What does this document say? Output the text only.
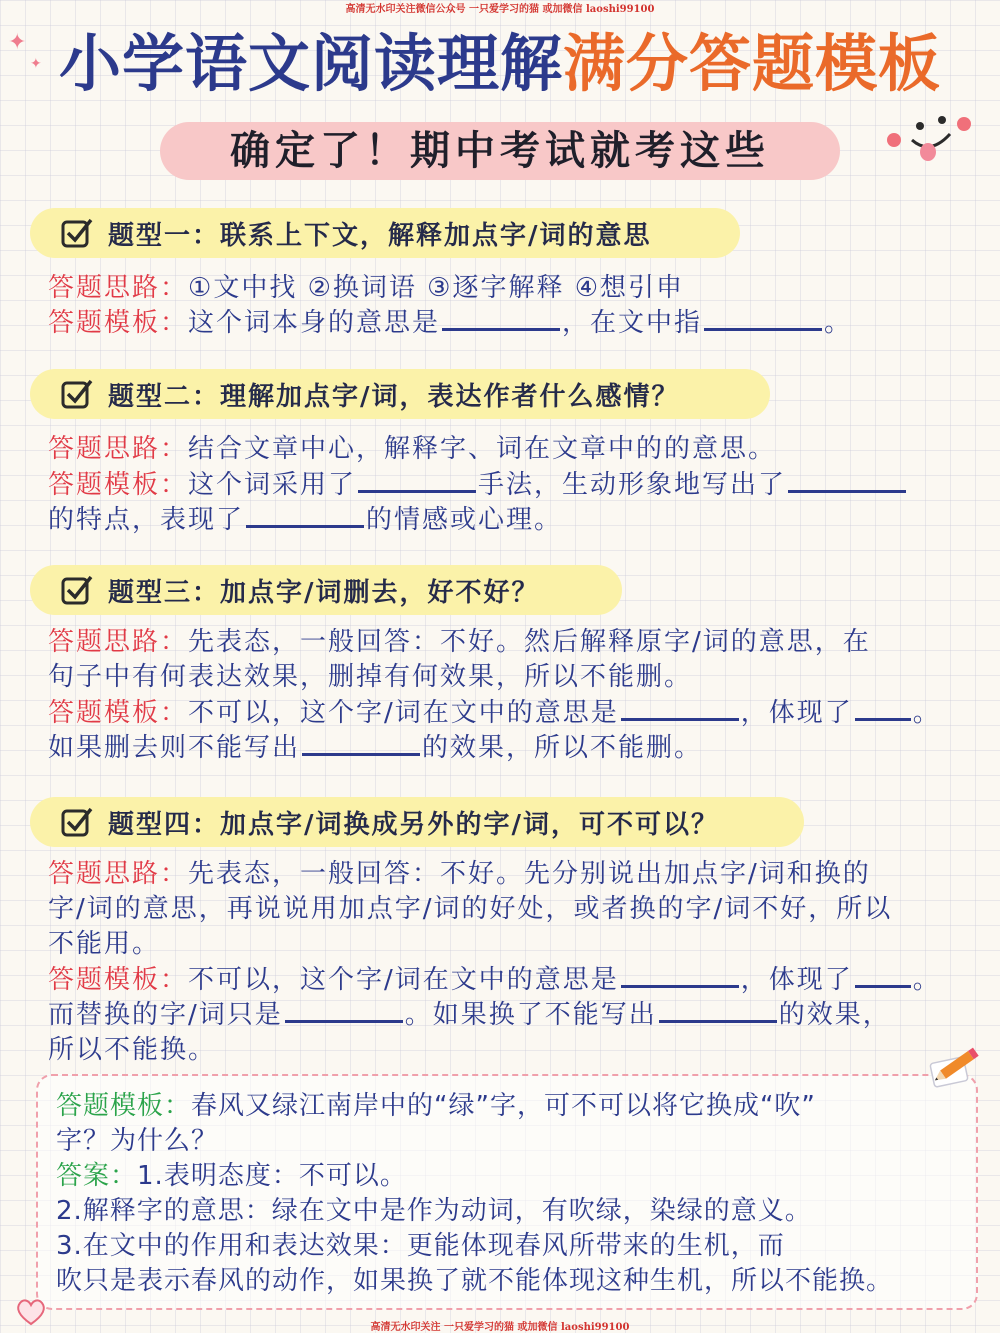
高清无水印关注微信公众号 一只爱学习的猫 或加微信 laoshi99100
✦
✦ 小学语文阅读理解满分答题模板
确定了！期中考试就考这些
题型一：联系上下文，解释加点字/词的意思
答题思路：①文中找 ②换词语 ③逐字解释 ④想引申
答题模板：这个词本身的意思是	，在文中指	。
题型二：理解加点字/词，表达作者什么感情？
答题思路：结合文章中心，解释字、词在文章中的的意思。
答题模板：这个词采用了	手法，生动形象地写出了
的特点，表现了	的情感或心理。
题型三：加点字/词删去，好不好？
答题思路：先表态，一般回答：不好。然后解释原字/词的意思，在
句子中有何表达效果，删掉有何效果，所以不能删。
答题模板：不可以，这个字/词在文中的意思是	，体现了 。
如果删去则不能写出	的效果，所以不能删。
题型四：加点字/词换成另外的字/词，可不可以？
答题思路：先表态，一般回答：不好。先分别说出加点字/词和换的
字/词的意思，再说说用加点字/词的好处，或者换的字/词不好，所以
不能用。
答题模板：不可以，这个字/词在文中的意思是	，体现了 。
而替换的字/词只是	。如果换了不能写出	的效果，
所以不能换。
答题模板：春风又绿江南岸中的“绿”字，可不可以将它换成“吹”
字？为什么？
答案：1.表明态度：不可以。
2.解释字的意思：绿在文中是作为动词，有吹绿，染绿的意义。
3.在文中的作用和表达效果：更能体现春风所带来的生机，而
吹只是表示春风的动作，如果换了就不能体现这种生机，所以不能换。
高清无水印关注 一只爱学习的猫 或加微信 laoshi99100
